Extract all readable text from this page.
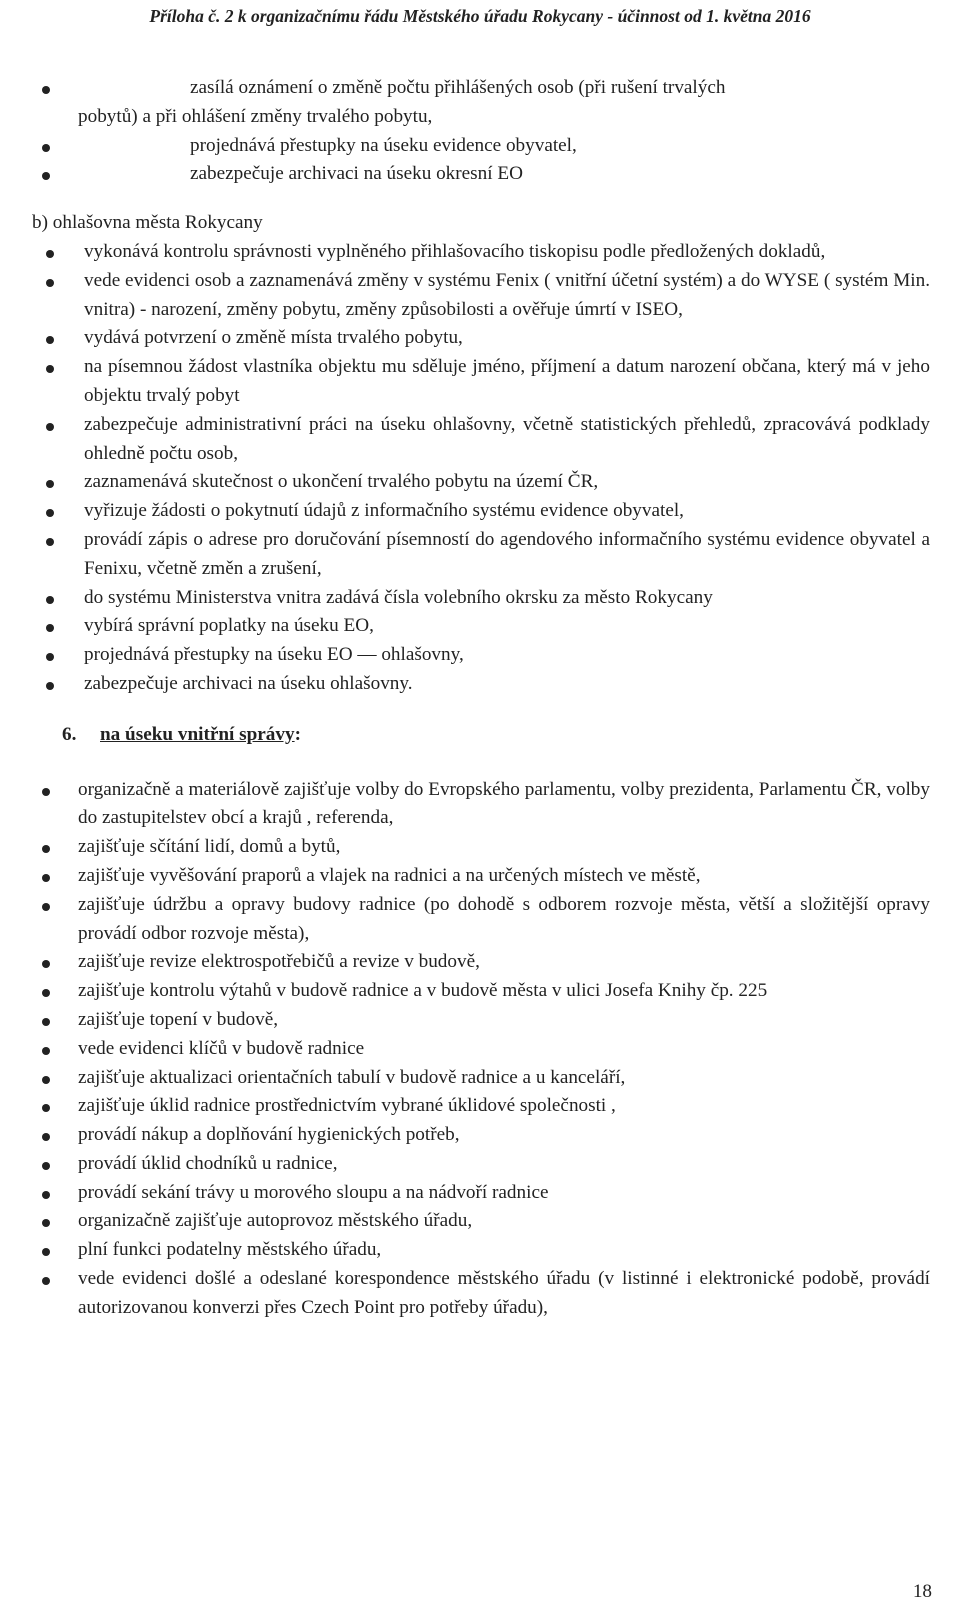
Příloha č. 2 k organizačnímu řádu Městského úřadu Rokycany - účinnost od 1. května 2016
zasílá oznámení o změně počtu přihlášených osob (při rušení trvalých
pobytů) a při ohlášení změny trvalého pobytu,
projednává přestupky na úseku evidence obyvatel,
zabezpečuje archivaci na úseku okresní EO
b) ohlašovna města Rokycany
vykonává kontrolu správnosti vyplněného přihlašovacího tiskopisu podle předložených dokladů,
vede evidenci osob a zaznamenává změny v systému Fenix ( vnitřní účetní systém) a do WYSE ( systém Min. vnitra) - narození, změny pobytu, změny způsobilosti a ověřuje úmrtí v ISEO,
vydává potvrzení o změně místa trvalého pobytu,
na písemnou žádost vlastníka objektu mu sděluje jméno, příjmení a datum narození občana, který má v jeho objektu trvalý pobyt
zabezpečuje administrativní práci na úseku ohlašovny, včetně statistických přehledů, zpracovává podklady ohledně počtu osob,
zaznamenává skutečnost o ukončení trvalého pobytu na území ČR,
vyřizuje žádosti o pokytnutí údajů z informačního systému evidence obyvatel,
provádí zápis o adrese pro doručování písemností do agendového informačního systému evidence obyvatel a Fenixu, včetně změn a zrušení,
do systému Ministerstva vnitra zadává čísla volebního okrsku za město Rokycany
vybírá správní poplatky na úseku EO,
projednává přestupky na úseku EO — ohlašovny,
zabezpečuje archivaci na úseku ohlašovny.
6. na úseku vnitřní správy:
organizačně a materiálově zajišťuje volby do Evropského parlamentu, volby prezidenta, Parlamentu ČR, volby do zastupitelstev obcí a krajů , referenda,
zajišťuje sčítání lidí, domů a bytů,
zajišťuje vyvěšování praporů a vlajek na radnici a na určených místech ve městě,
zajišťuje údržbu a opravy budovy radnice (po dohodě s odborem rozvoje města, větší a složitější opravy provádí odbor rozvoje města),
zajišťuje revize elektrospotřebičů a revize v budově,
zajišťuje kontrolu výtahů v budově radnice a v budově města v ulici Josefa Knihy čp. 225
zajišťuje topení v budově,
vede evidenci klíčů v budově radnice
zajišťuje aktualizaci orientačních tabulí v budově radnice a u kanceláří,
zajišťuje úklid radnice prostřednictvím vybrané úklidové společnosti ,
provádí nákup a doplňování hygienických potřeb,
provádí úklid chodníků u radnice,
provádí sekání trávy u morového sloupu a na nádvoří radnice
organizačně zajišťuje autoprovoz městského úřadu,
plní funkci podatelny městského úřadu,
vede evidenci došlé a odeslané korespondence městského úřadu (v listinné i elektronické podobě, provádí autorizovanou konverzi přes Czech Point pro potřeby úřadu),
18
